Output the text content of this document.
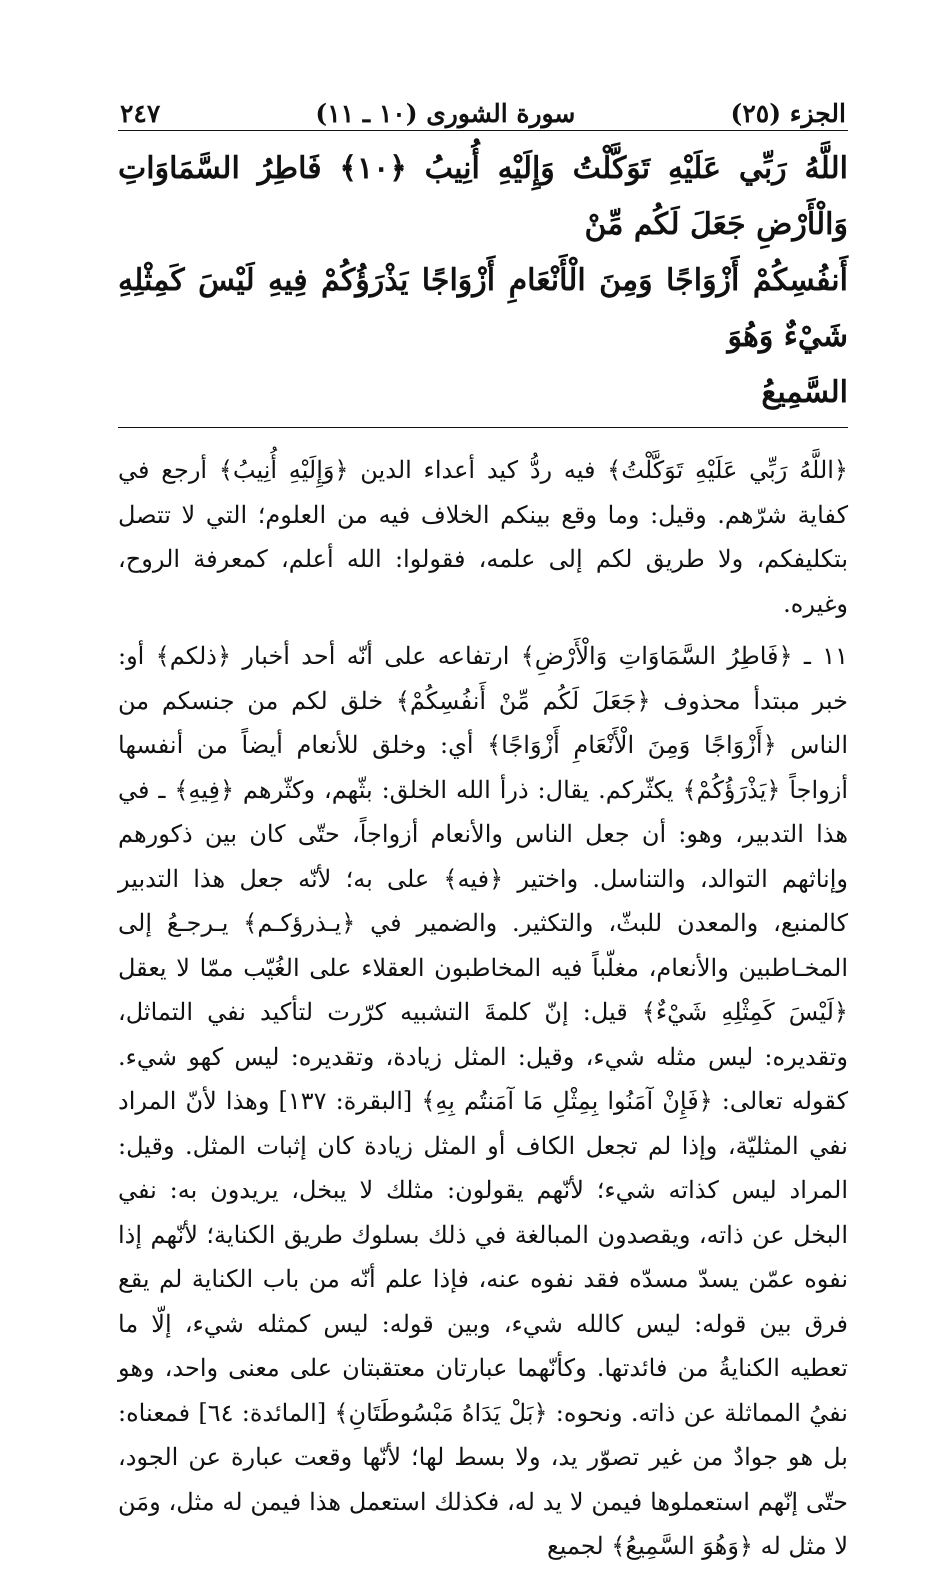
الجزء (٢٥)
سورة الشورى (١٠ ـ ١١)
٢٤٧
اللَّهُ رَبِّي عَلَيْهِ تَوَكَّلْتُ وَإِلَيْهِ أُنِيبُ ﴿١٠﴾ فَاطِرُ السَّمَاوَاتِ وَالْأَرْضِ جَعَلَ لَكُم مِّنْ
أَنفُسِكُمْ أَزْوَاجًا وَمِنَ الْأَنْعَامِ أَزْوَاجًا يَذْرَؤُكُمْ فِيهِ لَيْسَ كَمِثْلِهِ شَيْءٌ وَهُوَ
السَّمِيعُ

﴿اللَّهُ رَبِّي عَلَيْهِ تَوَكَّلْتُ﴾ فيه ردُّ كيد أعداء الدين ﴿وَإِلَيْهِ أُنِيبُ﴾ أرجع في كفاية شرّهم. وقيل: وما وقع بينكم الخلاف فيه من العلوم؛ التي لا تتصل بتكليفكم، ولا طريق لكم إلى علمه، فقولوا: الله أعلم، كمعرفة الروح، وغيره.

١١ ـ ﴿فَاطِرُ السَّمَاوَاتِ وَالْأَرْضِ﴾ ارتفاعه على أنّه أحد أخبار ﴿ذلكم﴾ أو: خبر مبتدأ محذوف ﴿جَعَلَ لَكُم مِّنْ أَنفُسِكُمْ﴾ خلق لكم من جنسكم من الناس ﴿أَزْوَاجًا وَمِنَ الْأَنْعَامِ أَزْوَاجًا﴾ أي: وخلق للأنعام أيضاً من أنفسها أزواجاً ﴿يَذْرَؤُكُمْ﴾ يكثّركم. يقال: ذرأ الله الخلق: بثّهم، وكثّرهم ﴿فِيهِ﴾ ـ في هذا التدبير، وهو: أن جعل الناس والأنعام أزواجاً، حتّى كان بين ذكورهم وإناثهم التوالد، والتناسل. واختير ﴿فيه﴾ على به؛ لأنّه جعل هذا التدبير كالمنبع، والمعدن للبثّ، والتكثير. والضمير في ﴿يـذرؤكـم﴾ يـرجـعُ إلى المخـاطبين والأنعام، مغلّباً فيه المخاطبون العقلاء على الغُيّب ممّا لا يعقل ﴿لَيْسَ كَمِثْلِهِ شَيْءٌ﴾ قيل: إنّ كلمةَ التشبيه كرّرت لتأكيد نفي التماثل، وتقديره: ليس مثله شيء، وقيل: المثل زيادة، وتقديره: ليس كهو شيء. كقوله تعالى: ﴿فَإِنْ آمَنُوا بِمِثْلِ مَا آمَنتُم بِهِ﴾ [البقرة: ١٣٧] وهذا لأنّ المراد نفي المثليّة، وإذا لم تجعل الكاف أو المثل زيادة كان إثبات المثل. وقيل: المراد ليس كذاته شيء؛ لأنّهم يقولون: مثلك لا يبخل، يريدون به: نفي البخل عن ذاته، ويقصدون المبالغة في ذلك بسلوك طريق الكناية؛ لأنّهم إذا نفوه عمّن يسدّ مسدّه فقد نفوه عنه، فإذا علم أنّه من باب الكناية لم يقع فرق بين قوله: ليس كالله شيء، وبين قوله: ليس كمثله شيء، إلّا ما تعطيه الكنايةُ من فائدتها. وكأنّهما عبارتان معتقبتان على معنى واحد، وهو نفيُ المماثلة عن ذاته. ونحوه: ﴿بَلْ يَدَاهُ مَبْسُوطَتَانِ﴾ [المائدة: ٦٤] فمعناه: بل هو جوادٌ من غير تصوّر يد، ولا بسط لها؛ لأنّها وقعت عبارة عن الجود، حتّى إنّهم استعملوها فيمن لا يد له، فكذلك استعمل هذا فيمن له مثل، ومَن لا مثل له ﴿وَهُوَ السَّمِيعُ﴾ لجميع
